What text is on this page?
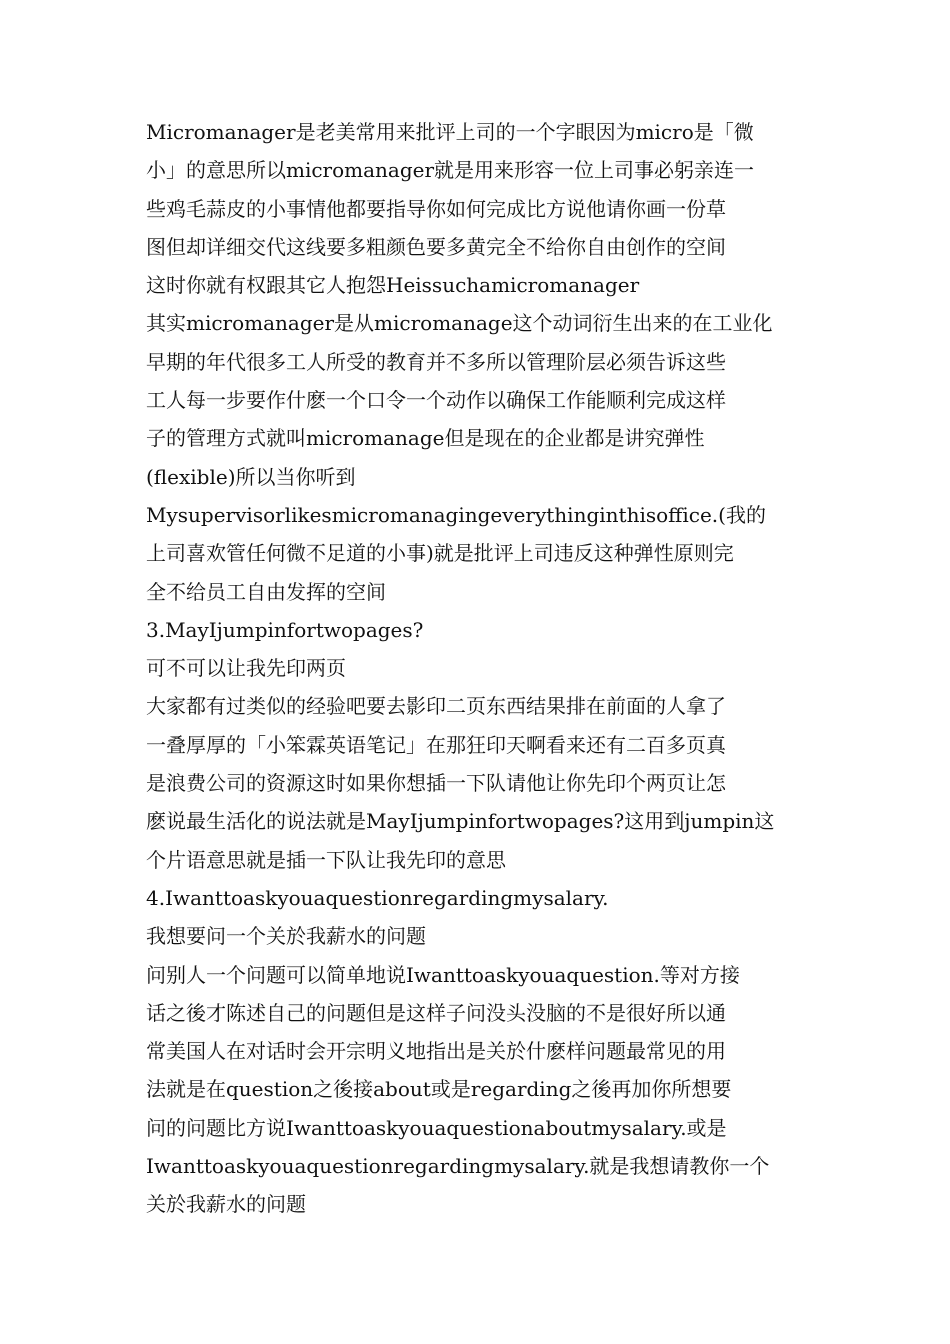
Micromanager是老美常用来批评上司的一个字眼因为micro是「微
小」的意思所以micromanager就是用来形容一位上司事必躬亲连一
些鸡毛蒜皮的小事情他都要指导你如何完成比方说他请你画一份草
图但却详细交代这线要多粗颜色要多黄完全不给你自由创作的空间
这时你就有权跟其它人抱怨Heissuchamicromanager
其实micromanager是从micromanage这个动词衍生出来的在工业化
早期的年代很多工人所受的教育并不多所以管理阶层必须告诉这些
工人每一步要作什麽一个口令一个动作以确保工作能顺利完成这样
子的管理方式就叫micromanage但是现在的企业都是讲究弹性
(flexible)所以当你听到
Mysupervisorlikesmicromanagingeverythinginthisoffice.(我的
上司喜欢管任何微不足道的小事)就是批评上司违反这种弹性原则完
全不给员工自由发挥的空间
3.MayIjumpinfortwopages?
可不可以让我先印两页
大家都有过类似的经验吧要去影印二页东西结果排在前面的人拿了
一叠厚厚的「小笨霖英语笔记」在那狂印天啊看来还有二百多页真
是浪费公司的资源这时如果你想插一下队请他让你先印个两页让怎
麽说最生活化的说法就是MayIjumpinfortwopages?这用到jumpin这
个片语意思就是插一下队让我先印的意思
4.Iwanttoaskyouaquestionregardingmysalary.
我想要问一个关於我薪水的问题
问别人一个问题可以简单地说Iwanttoaskyouaquestion.等对方接
话之後才陈述自己的问题但是这样子问没头没脑的不是很好所以通
常美国人在对话时会开宗明义地指出是关於什麽样问题最常见的用
法就是在question之後接about或是regarding之後再加你所想要
问的问题比方说Iwanttoaskyouaquestionaboutmysalary.或是
Iwanttoaskyouaquestionregardingmysalary.就是我想请教你一个
关於我薪水的问题
